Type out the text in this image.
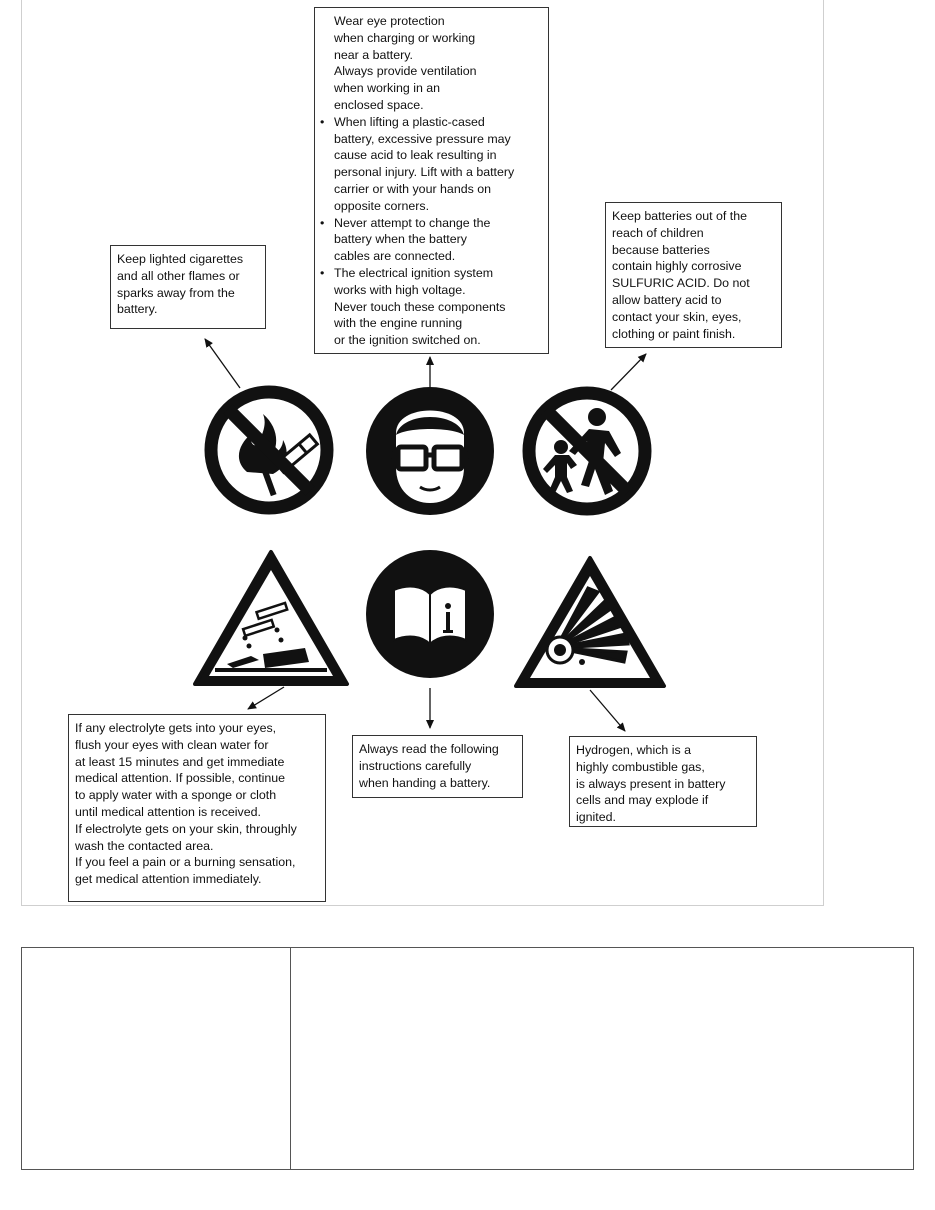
Keep lighted cigarettes
and all other flames or
sparks away from the
battery.
Wear eye protection
when charging or working
near a battery.
Always provide ventilation
when working in an
enclosed space.
• When lifting a plastic-cased
battery, excessive pressure may
cause acid to leak resulting in
personal injury. Lift with a battery
carrier or with your hands on
opposite corners.
• Never attempt to change the
battery when the battery
cables are connected.
• The electrical ignition system
works with high voltage.
Never touch these components
with the engine running
or the ignition switched on.
Keep batteries out of the
reach of children
because batteries
contain highly corrosive
SULFURIC ACID. Do not
allow battery acid to
contact your skin, eyes,
clothing or paint finish.
If any electrolyte gets into your eyes,
flush your eyes with clean water for
at least 15 minutes and get immediate
medical attention. If possible, continue
to apply water with a sponge or cloth
until medical attention is received.
If electrolyte gets on your skin, throughly
wash the contacted area.
If you feel a pain or a burning sensation,
get medical attention immediately.
Always read the following
instructions carefully
when handing a battery.
Hydrogen, which is a
highly combustible gas,
is always present in battery
cells and may explode if
ignited.
